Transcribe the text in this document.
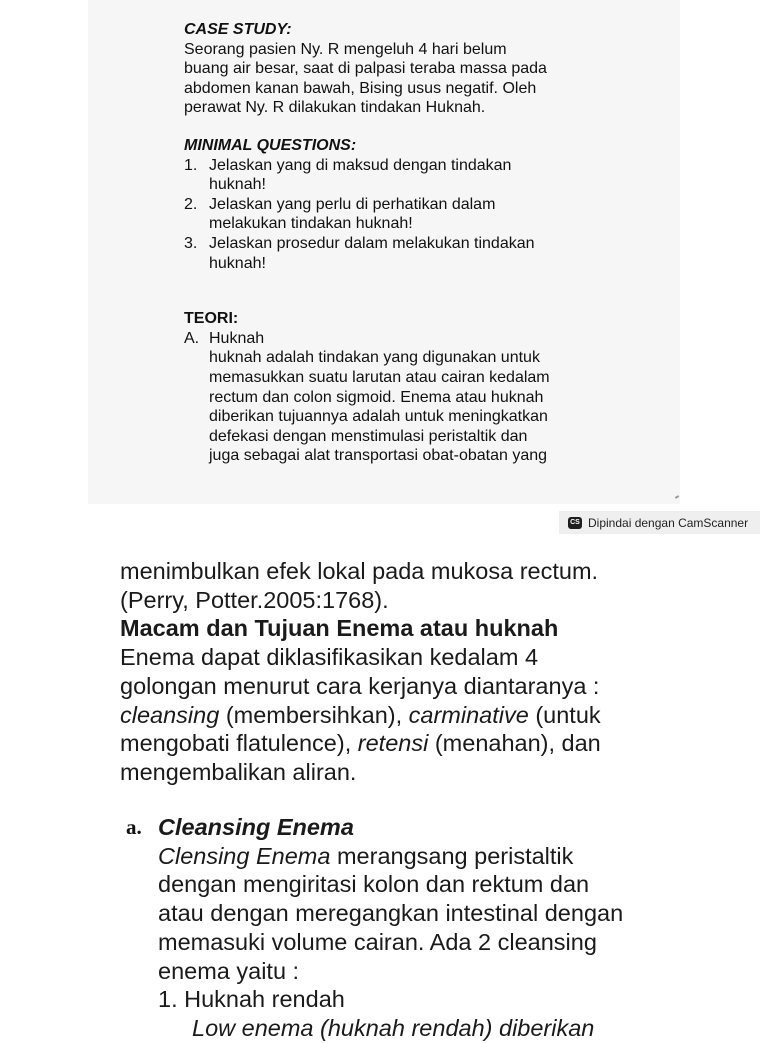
CASE STUDY:
Seorang pasien Ny. R mengeluh 4 hari belum
buang air besar, saat di palpasi teraba massa pada
abdomen kanan bawah, Bising usus negatif. Oleh
perawat Ny. R dilakukan tindakan Huknah.
MINIMAL QUESTIONS:
1. Jelaskan yang di maksud dengan tindakan
huknah!
2. Jelaskan yang perlu di perhatikan dalam
melakukan tindakan huknah!
3. Jelaskan prosedur dalam melakukan tindakan
huknah!
TEORI:
A. Huknah
huknah adalah tindakan yang digunakan untuk
memasukkan suatu larutan atau cairan kedalam
rectum dan colon sigmoid. Enema atau huknah
diberikan tujuannya adalah untuk meningkatkan
defekasi dengan menstimulasi peristaltik dan
juga sebagai alat transportasi obat-obatan yang
CS Dipindai dengan CamScanner

menimbulkan efek lokal pada mukosa rectum.

(Perry, Potter.2005:1768).

Macam dan Tujuan Enema atau huknah

Enema dapat diklasifikasikan kedalam 4

golongan menurut cara kerjanya diantaranya :

cleansing (membersihkan), carminative (untuk

mengobati flatulence), retensi (menahan), dan

mengembalikan aliran.

a. Cleansing Enema

Clensing Enema merangsang peristaltik

dengan mengiritasi kolon dan rektum dan

atau dengan meregangkan intestinal dengan

memasuki volume cairan. Ada 2 cleansing

enema yaitu :

1. Huknah rendah

Low enema (huknah rendah) diberikan
